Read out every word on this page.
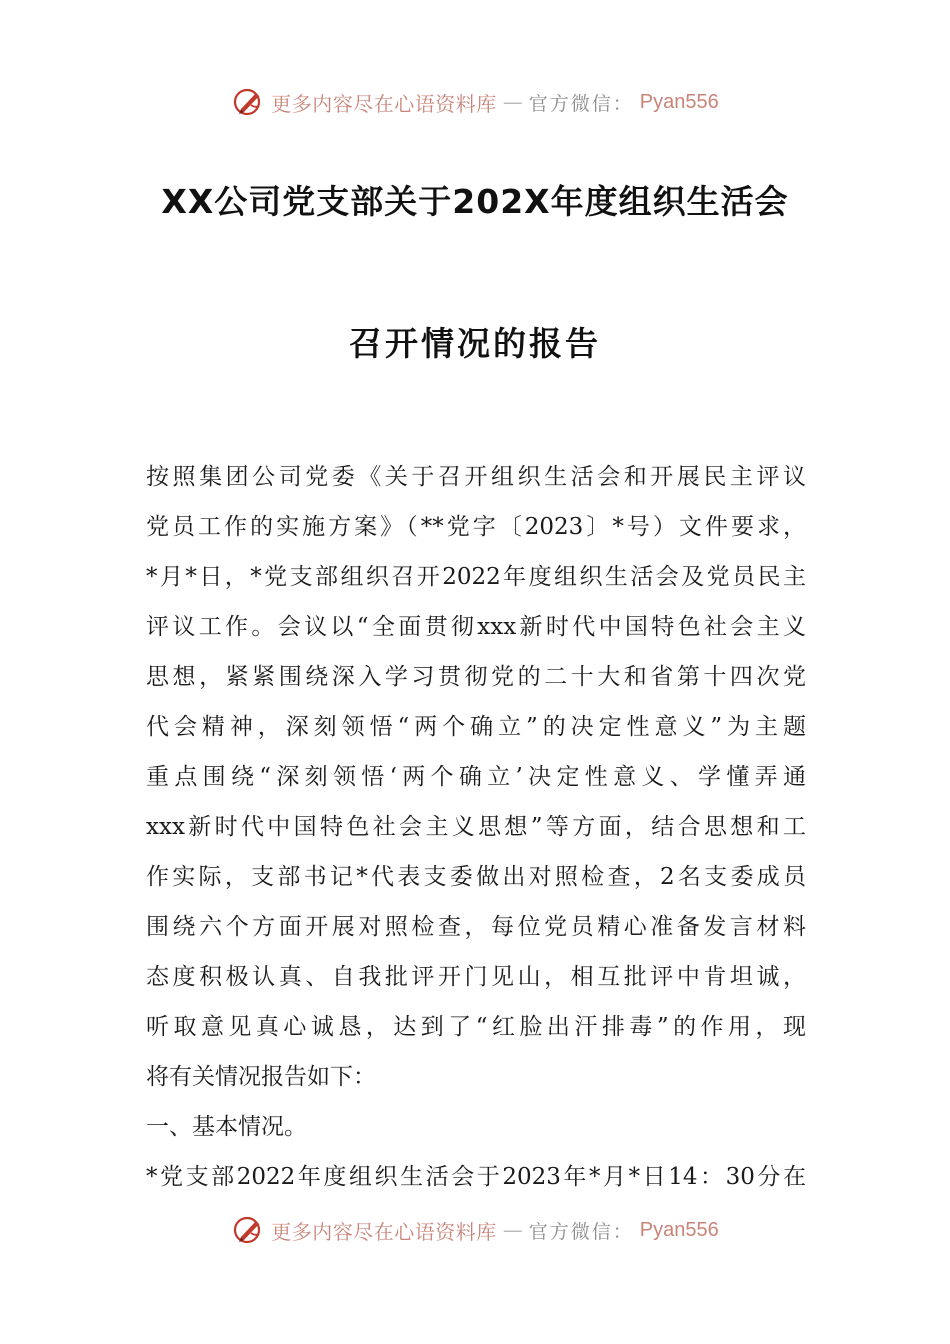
更多内容尽在心语资料库 — 官方微信： Pyan556
XX公司党支部关于202X年度组织生活会
召开情况的报告
按照集团公司党委《关于召开组织生活会和开展民主评议
党员工作的实施方案》（**党字〔2023〕*号）文件要求，
*月*日，*党支部组织召开2022年度组织生活会及党员民主
评议工作。会议以“全面贯彻xxx新时代中国特色社会主义
思想，紧紧围绕深入学习贯彻党的二十大和省第十四次党
代会精神，深刻领悟“两个确立”的决定性意义”为主题
重点围绕“深刻领悟‘两个确立’决定性意义、学懂弄通
xxx新时代中国特色社会主义思想”等方面，结合思想和工
作实际，支部书记*代表支委做出对照检查，2名支委成员
围绕六个方面开展对照检查，每位党员精心准备发言材料
态度积极认真、自我批评开门见山，相互批评中肯坦诚，
听取意见真心诚恳，达到了“红脸出汗排毒”的作用，现
将有关情况报告如下：
一、基本情况。
*党支部2022年度组织生活会于2023年*月*日14：30分在
更多内容尽在心语资料库 — 官方微信： Pyan556
